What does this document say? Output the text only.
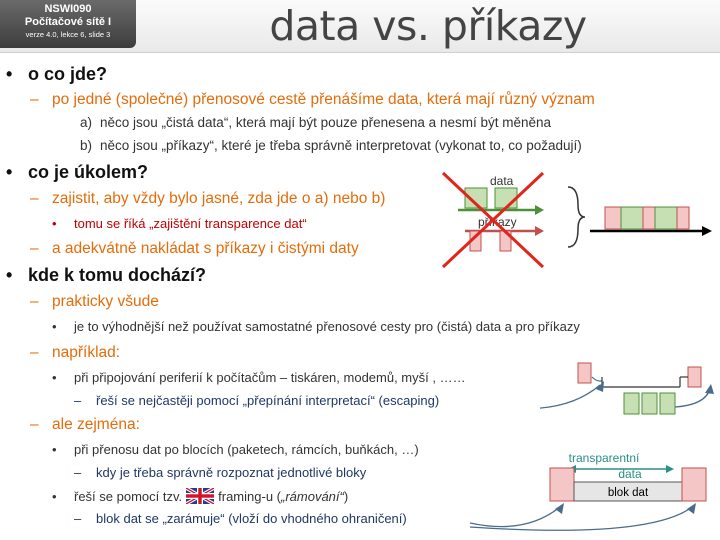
NSWI090
Počítačové sítě I
verze 4.0, lekce 6, slide 3	data vs. příkazy
• o co jde?
– po jedné (společné) přenosové cestě přenášíme data, která mají různý význam
a) něco jsou „čistá data“, která mají být pouze přenesena a nesmí být měněna
b) něco jsou „příkazy“, které je třeba správně interpretovat (vykonat to, co požadují)
• co je úkolem?
– zajistit, aby vždy bylo jasné, zda jde o a) nebo b)
• tomu se říká „zajištění transparence dat“
– a adekvátně nakládat s příkazy i čistými daty
• kde k tomu dochází?
– prakticky všude
• je to výhodnější než používat samostatné přenosové cesty pro (čistá) data a pro příkazy
– například:
• při připojování periferií k počítačům – tiskáren, modemů, myší , ……
– řeší se nejčastěji pomocí „přepínání interpretací“ (escaping)
– ale zejména:
• při přenosu dat po blocích (paketech, rámcích, buňkách, …)
– kdy je třeba správně rozpoznat jednotlivé bloky
• řeší se pomocí tzv.	framing-u („rámování“)
– blok dat se „zarámuje“ (vloží do vhodného ohraničení)
data
příkazy
transparentní
data
blok dat
